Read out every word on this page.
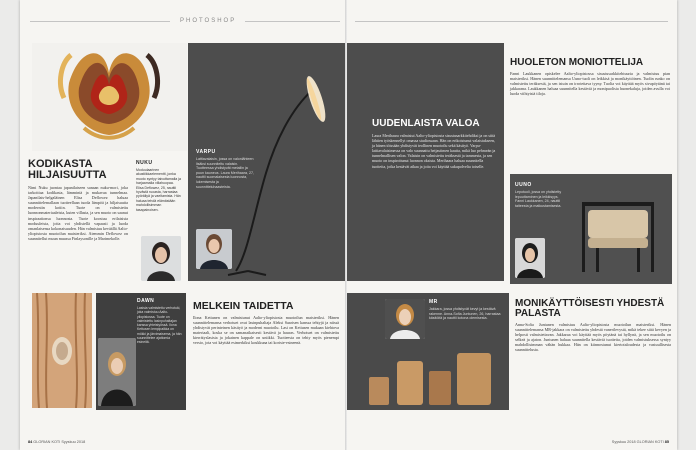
PHOTOSHOP
KODIKASTA HILJAISUUTTA
Nimi Nuku juontaa japanilaiseen sanaan nuku-mori, joka tarkoittaa kodikasta, lämmintä ja mukavaa tunnelmaa. Japanilais-helgaläinen Elisa Deflowez haluaa suunnittelemallaan tuotteellaan tuoda lämpöä ja hiljaisuutta moderniin kotiin. Tuote on valmistettu luonnonmateriaaleista, kuten villasta, ja sen muoto on saanut inspiraationsa luonnosta. Tuote koostuu erilaisista moduuleista, joita voi yhdistellä vapaasti ja luoda omanlaisensa kokonaisuuden. Hän valmistuu keväällä Aalto-yliopistosta muotoilun maisteriksi. Aiemmin Deflowez on suunnitellut muun muassa Finlaysonille ja Marimekolle.
NUKU
Moduulaarinen akustiikkaelementti, jonka muoto syntyy taivuttamalla ja harjaamalla villahuopaa. Elisa Deflowez, 25, nauttii hyvästä ruoasta, harrastaa pyöräilyä ja vaeltamista. Hän haluaa tehdä elämästään mahdollisimman tasapainoisen.
VARPU
Lattiavalaisin, jossa on valonlähteen lisäksi suunniteltu valaisin. Tuotteessa yhdistyvät metallin ja puun kauneus. Laura Merihaara, 27, nauttii suomalaisesta luonnosta, lukemisesta ja suunnitteluhaasteista.
DAWN
Lasisia valmistettu verhotuki, joka valmistuu Aalto-yliopistossa. Tuote on valmistettu lasinpuhaltajan kanssa yhteistyössä. Ilona Kettusen lempipaikka on mökki ja järvimaisema, ja hän suunnittelee ajattomia esineitä.
MELKEIN TAIDETTA
Ilona Kettunen on valmistunut Aalto-yliopistosta muotoilun maisteriksi. Hänen suunnittelemansa verhotuet ovat lasinpuhaltaja Aleksi Saarisen kanssa tehtyjä ja niissä yhdistyvät perinteinen käsityö ja moderni muotoilu. Lasi on Kettusen mukaan kiehtova materiaali, koska se on samanaikaisesti kestävä ja hauras. Verhotuet on valmistettu kierrätyslasista ja jokainen kappale on uniikki. Tuotteesta on tehty myös pienempi versio, jota voi käyttää esimerkiksi koukkuna tai koriste-esineenä.
84 GLORIAN KOTI Syyskuu 2018
UUDENLAISTA VALOA
Laura Merihaara valmistui Aalto-yliopistosta sisustusarkkitehdiksi ja on siitä lähtien työskennellyt omassa studiossaan. Hän on erikoistunut valaistukseen, ja hänen töissään yhdistyvät teollinen muotoilu sekä käsityö. Varpu-lattiavalaisimessa on valo suunnattu heijastimen kautta, mikä luo pehmeän ja tunnelmallisen valon. Valaisin on valmistettu teräksestä ja tammesta, ja sen muoto on inspiroitunut luonnon oksista. Merihaara haluaa suunnitella tuotteita, jotka kestävät aikaa ja joita voi käyttää sukupolvelta toiselle.
HUOLETON MONIOTTELIJA
Fanni Laukkanen opiskelee Aalto-yliopistossa sisustusarkkitehtuuria ja valmistuu pian maisteriksi. Hänen suunnittelemansa Uuno-tuoli on leikkisä ja monikäyttöinen. Tuolin runko on valmistettu teräksestä, ja sen istuin on irrotettava tyyny. Tuolia voi käyttää myös sivupöytänä tai jakkarana. Laukkanen haluaa suunnitella kestäviä ja monipuolisia huonekaluja, joiden avulla voi luoda viihtyisiä tiloja.
UUNO
Lepotuoli, jossa on yhdistetty lepuuttaminen ja leikkisyys. Fanni Laukkanen, 24, nauttii taiteesta ja matkustamisesta.
MR
Jakkara, jossa yhdistyvät kevyt ja kestävä rakenne. Anna-Sofia Juntunen, 26, harrastaa käsitöitä ja nauttii kotona olemisesta.
MONIKÄYTTÖISESTI YHDESTÄ PALASTA
Anna-Sofia Juntunen valmistuu Aalto-yliopistosta muotoilun maisteriksi. Hänen suunnittelemansa MR-jakkara on valmistettu yhdestä vanerilevystä, mikä tekee siitä kevyen ja helposti valmistettavan. Jakkaraa voi käyttää myös pöytänä tai hyllynä, ja sen muotoilu on selkeä ja ajaton. Juntunen haluaa suunnitella kestäviä tuotteita, joiden valmistuksessa syntyy mahdollisimman vähän hukkaa. Hän on kiinnostunut kiertotaloudesta ja vastuullisesta suunnittelusta.
Syyskuu 2018 GLORIAN KOTI 85
